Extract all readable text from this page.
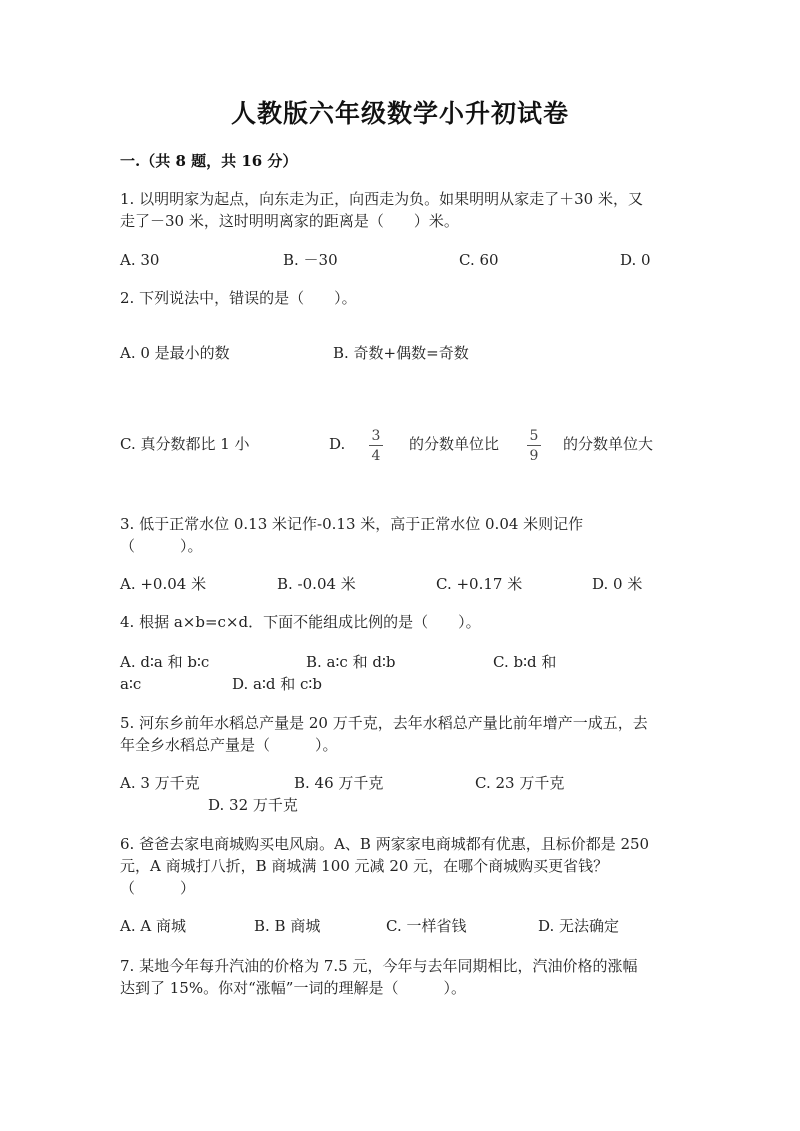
人教版六年级数学小升初试卷
一.（共 8 题，共 16 分）
1. 以明明家为起点，向东走为正，向西走为负。如果明明从家走了＋30 米，又
走了－30 米，这时明明离家的距离是（　　）米。
A. 30	B. －30	C. 60	D. 0
2. 下列说法中，错误的是（　　）。
A. 0 是最小的数	B. 奇数+偶数=奇数
C. 真分数都比 1 小	D. 3
4
的分数单位比 5
9
的分数单位大
3. 低于正常水位 0.13 米记作-0.13 米，高于正常水位 0.04 米则记作
（　　　）。
A. +0.04 米	B. -0.04 米	C. +0.17 米	D. 0 米
4. 根据 a×b=c×d．下面不能组成比例的是（　　）。
A. d∶a 和 b∶c	B. a∶c 和 d∶b	C. b∶d 和
a∶c	D. a∶d 和 c∶b
5. 河东乡前年水稻总产量是 20 万千克，去年水稻总产量比前年增产一成五，去
年全乡水稻总产量是（　　　）。
A. 3 万千克	B. 46 万千克	C. 23 万千克
D. 32 万千克
6. 爸爸去家电商城购买电风扇。A、B 两家家电商城都有优惠，且标价都是 250
元，A 商城打八折，B 商城满 100 元减 20 元，在哪个商城购买更省钱？
（　　　）
A. A 商城	B. B 商城	C. 一样省钱	D. 无法确定
7. 某地今年每升汽油的价格为 7.5 元，今年与去年同期相比，汽油价格的涨幅
达到了 15%。你对“涨幅”一词的理解是（　　　）。
